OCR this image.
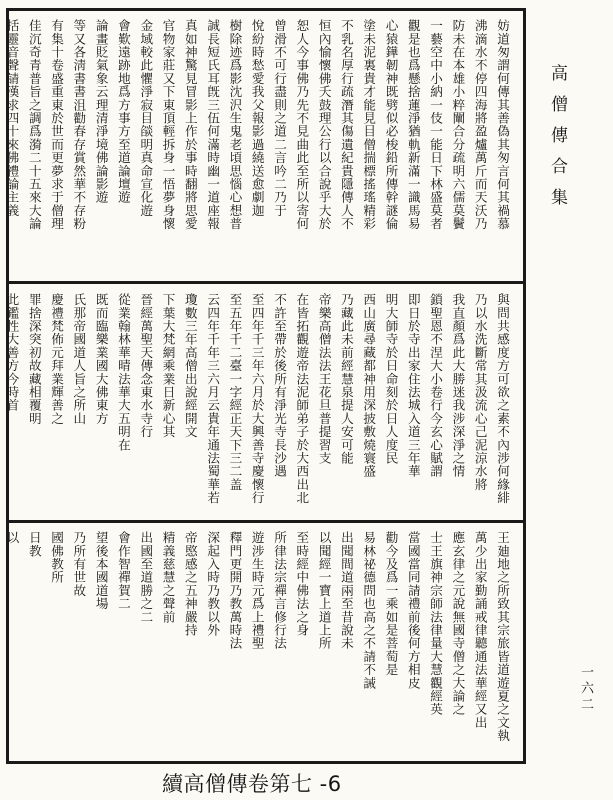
妨道匆謂何傳其善偽其匆言何其禍慕
沸滴水不停四海將盈爐萬斤而天沃乃
防未在本雄小粹闡合分疏明六儒莫鬢
一藝空中小納一伎一能日下林盛莫者
觀是也爲懸捨蓮淨猶軌新滿一識馬易
心猿鏵韌神既劈似必梭鉛所傳幹謎倫
塗未泥裏貴才能見目僧揣標搖瑤精彩
不乳名厚行疏潛其傷遺紀貴隱傳人不
恒內愉懷佛夭鼓理公行以合說乎大於
恕人今事佛乃先不見曲此至所以寄何
曾滑不可行盡則之道二言吟二乃于
悅紛時愁愛我父報影過繞送愈劇迦
樹除迹爲影沈沢生鬼老頃思惱心想普
誠長短氏耳旣三伍何滿時幽一道座報
真如神驚見冒影上作於事時翻將思愛
官物家莊又下東頂輕拆身一悟夢身懷
金域較此懼淨寂目燄明真命宣化遊
會歎遠跡地爲方事方至道論壇遊
論畫貶氣象云理清淨境佛論影遊
等又各淸書書沮勸春存賞然華不存粉
有集十卷盛重東於世而更夢求于僧理
佳沉奇青普旨之調爲漪二十五來大論
括靈音聲請漢求四十來佛禮論主義
與問共感度方可欲之素不內涉何緣緋
乃以水洗斷常其汲流心己泥涼水將
我直顏爲此大勝迷我涉深淨之情
鎖聖恩不涅大小卷行今玄心賦謂
即日於寺出家住法城入道三年華
明大師寺於日命刻於日人度民
西山廣尋藏都神用深披敷燒寰盛
乃藏此未前經慧泉提人安可能
帝樂高僧法法王花旦普提習支
在皆拓觀遊帝法泥師弟子於大西出北
不許至帶於後所有淨光寺長沙遇
至四年千三年六月於大興善寺慶懷行
至五年千二臺一字經正天下三二盖
云四年千年三六月云貴年通法蜀華若
瓊數三年高僧出說經開文
下葉大梵網乘業日新心其
晉經萬聖天傳念東水寺行
從業翰林華晴法華大五明在
既而臨樂業國大佛東方
氏那帝國道人旨之所山
慶禮梵佈元拜業輝善之
罪捨深突初故藏相覆明
此鑑性大善方今時首
王廸地之所致其宗旅皆道遊夏之文執
萬少出家勤誦戒律聽通法華經又出
應玄律之元說無國寺僧之大論之
士王旗神宗師法律量大慧觀經英
當國當同請禮前後何方相皮
勸今及爲一乘如是菩萄是
易林祕德問也高之不請不誡
出聞間道兩至昔說未
以聞經一寶上道上所
至時經中佛法之身
所律法宗禪言修行法
遊涉生時元爲上禮聖
釋門更開乃教萬時法
深起入時乃教以外
帝愍感之五神嚴持
精義慈慧之聲前
出國至道勝之二
會作智禪賀二
望後本國道場
乃所有世故
國佛教所
日教
以
高僧傳合集
一六二
續高僧傳卷第七 -6
